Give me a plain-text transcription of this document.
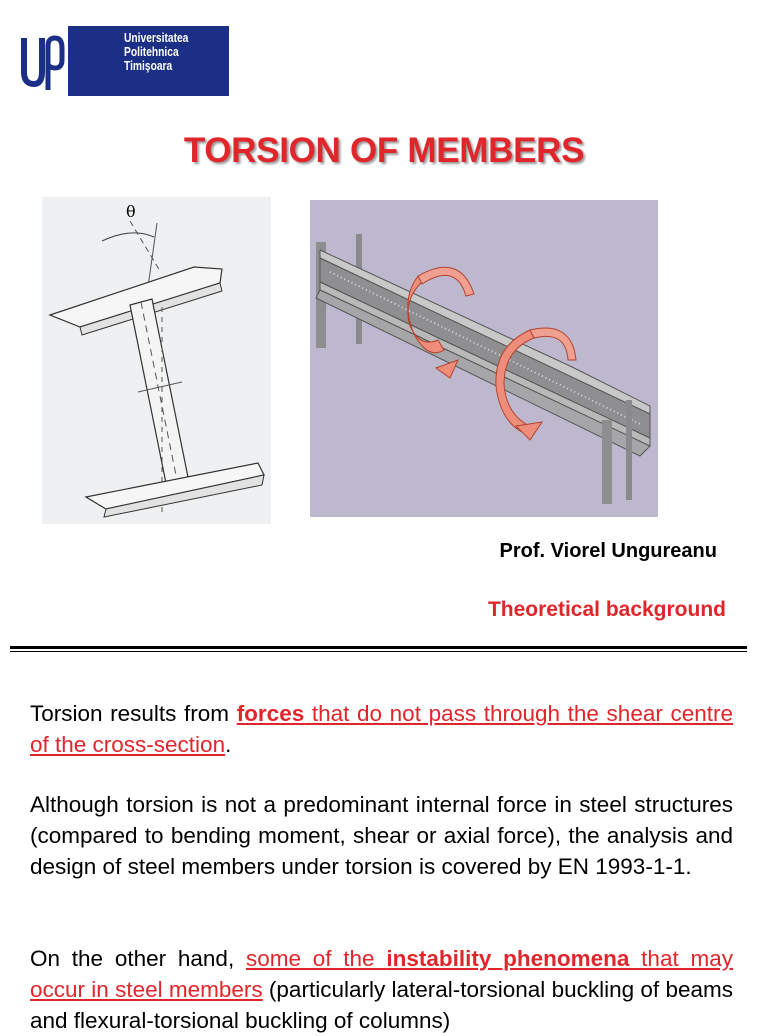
Universitatea
Politehnica
Timişoara
TORSION OF MEMBERS
θ
Prof. Viorel Ungureanu
Theoretical background
Torsion results from forces that do not pass through the shear centre of the cross-section.
Although torsion is not a predominant internal force in steel structures (compared to bending moment, shear or axial force), the analysis and design of steel members under torsion is covered by EN 1993-1-1.
On the other hand, some of the instability phenomena that may occur in steel members (particularly lateral-torsional buckling of beams and flexural-torsional buckling of columns)
